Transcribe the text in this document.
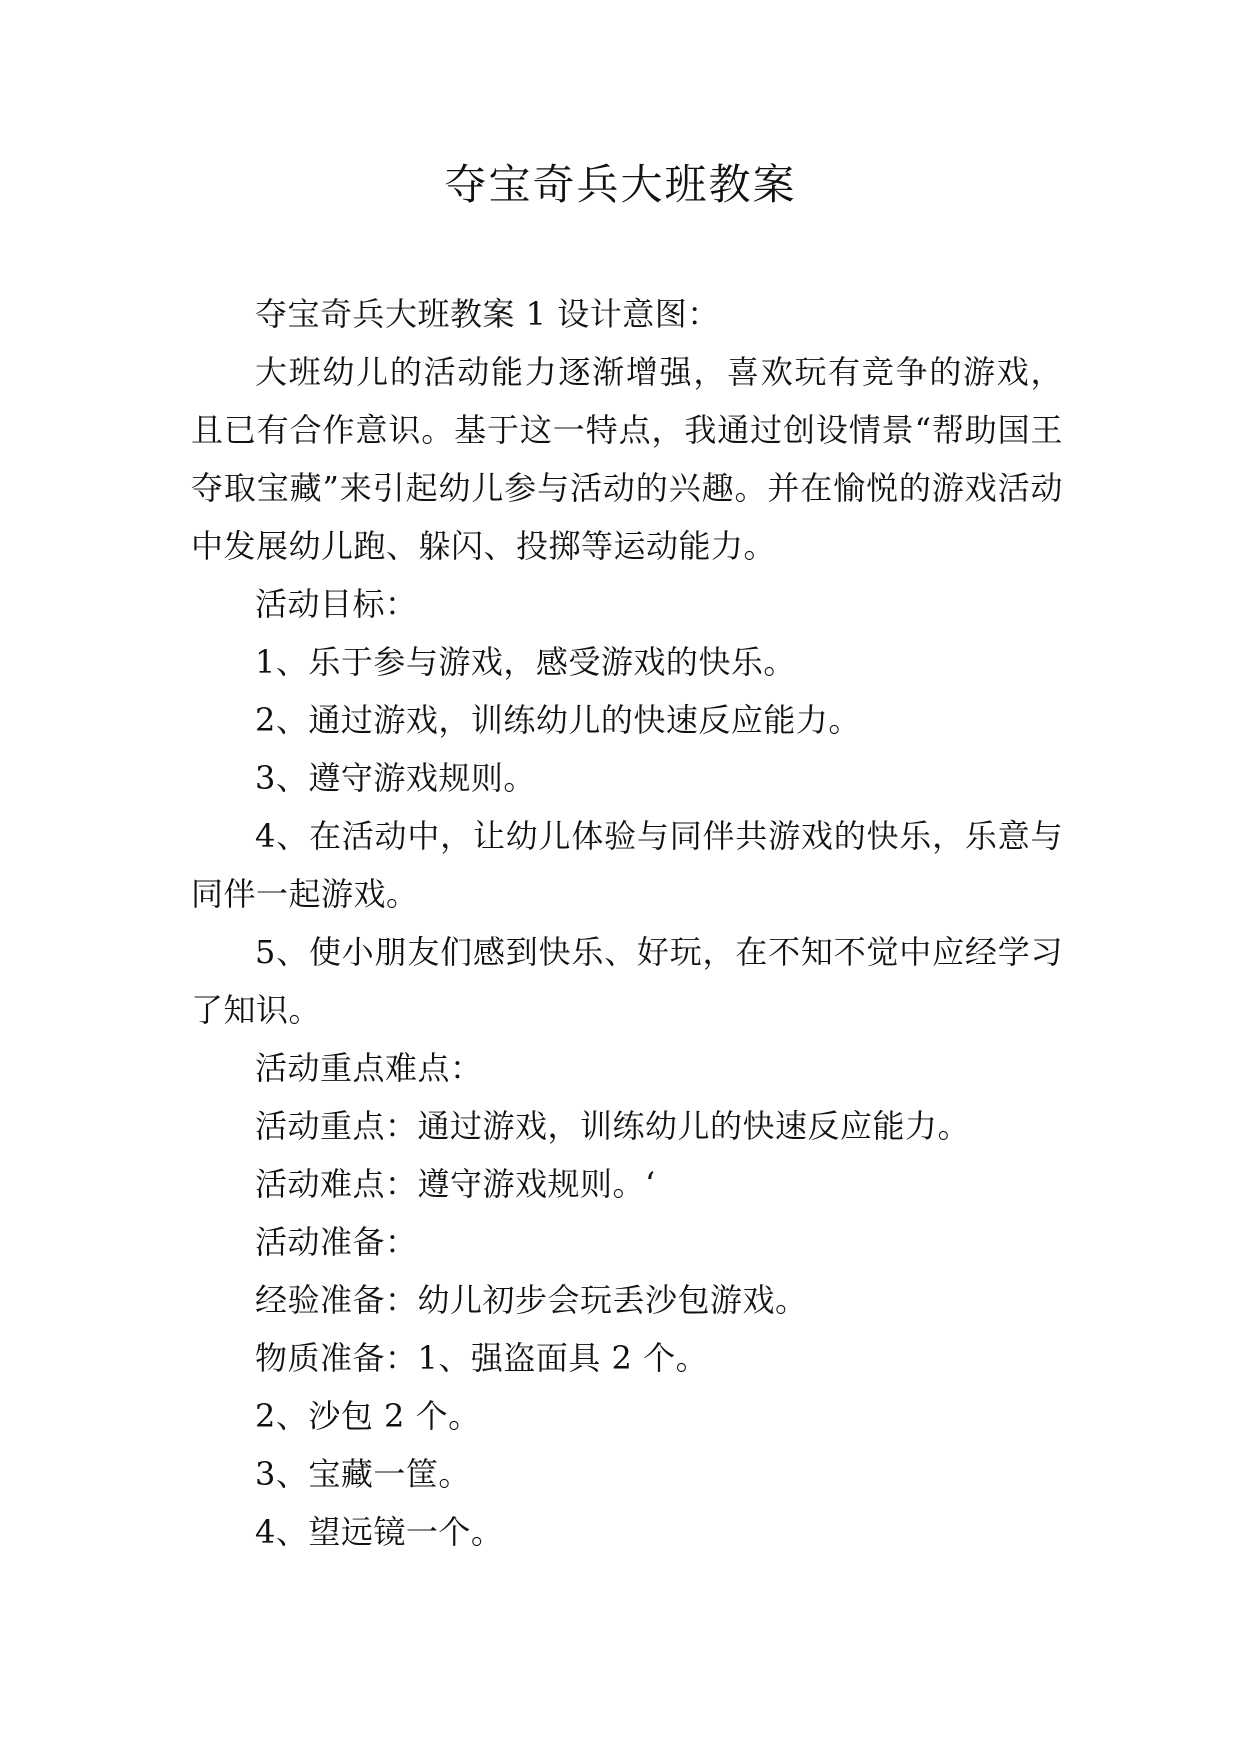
夺宝奇兵大班教案

夺宝奇兵大班教案 1 设计意图：

大班幼儿的活动能力逐渐增强，喜欢玩有竞争的游戏，且已有合作意识。基于这一特点，我通过创设情景“帮助国王夺取宝藏”来引起幼儿参与活动的兴趣。并在愉悦的游戏活动中发展幼儿跑、躲闪、投掷等运动能力。

活动目标：

1、乐于参与游戏，感受游戏的快乐。

2、通过游戏，训练幼儿的快速反应能力。

3、遵守游戏规则。

4、在活动中，让幼儿体验与同伴共游戏的快乐，乐意与同伴一起游戏。

5、使小朋友们感到快乐、好玩，在不知不觉中应经学习了知识。

活动重点难点：

活动重点：通过游戏，训练幼儿的快速反应能力。

活动难点：遵守游戏规则。‘

活动准备：

经验准备：幼儿初步会玩丢沙包游戏。

物质准备：1、强盗面具 2 个。

2、沙包 2 个。

3、宝藏一筐。

4、望远镜一个。
